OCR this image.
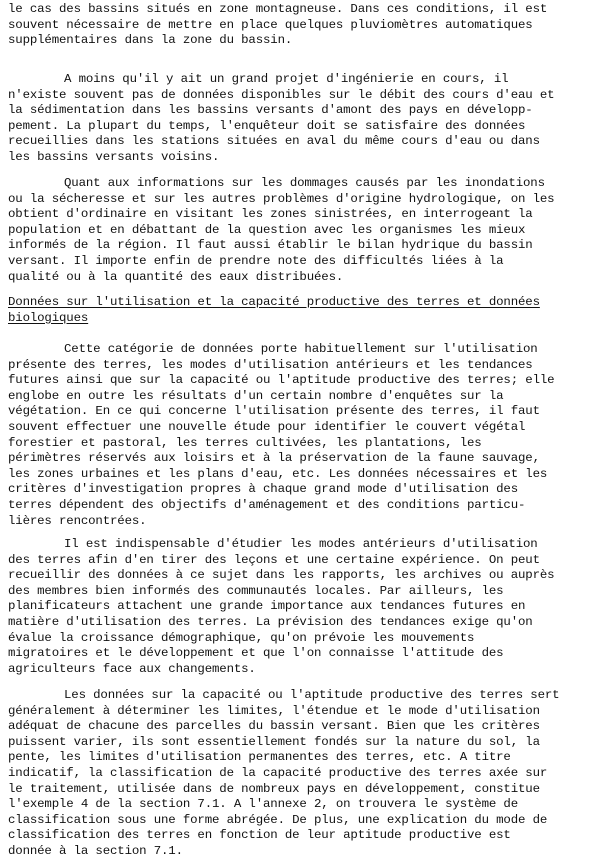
le cas des bassins situés en zone montagneuse. Dans ces conditions, il est
souvent nécessaire de mettre en place quelques pluviomètres automatiques
supplémentaires dans la zone du bassin.
A moins qu'il y ait un grand projet d'ingénierie en cours, il
n'existe souvent pas de données disponibles sur le débit des cours d'eau et
la sédimentation dans les bassins versants d'amont des pays en développ-
pement. La plupart du temps, l'enquêteur doit se satisfaire des données
recueillies dans les stations situées en aval du même cours d'eau ou dans
les bassins versants voisins.
Quant aux informations sur les dommages causés par les inondations
ou la sécheresse et sur les autres problèmes d'origine hydrologique, on les
obtient d'ordinaire en visitant les zones sinistrées, en interrogeant la
population et en débattant de la question avec les organismes les mieux
informés de la région. Il faut aussi établir le bilan hydrique du bassin
versant. Il importe enfin de prendre note des difficultés liées à la
qualité ou à la quantité des eaux distribuées.
Données sur l'utilisation et la capacité productive des terres et données
biologiques
Cette catégorie de données porte habituellement sur l'utilisation
présente des terres, les modes d'utilisation antérieurs et les tendances
futures ainsi que sur la capacité ou l'aptitude productive des terres; elle
englobe en outre les résultats d'un certain nombre d'enquêtes sur la
végétation. En ce qui concerne l'utilisation présente des terres, il faut
souvent effectuer une nouvelle étude pour identifier le couvert végétal
forestier et pastoral, les terres cultivées, les plantations, les
périmètres réservés aux loisirs et à la préservation de la faune sauvage,
les zones urbaines et les plans d'eau, etc. Les données nécessaires et les
critères d'investigation propres à chaque grand mode d'utilisation des
terres dépendent des objectifs d'aménagement et des conditions particu-
lières rencontrées.
Il est indispensable d'étudier les modes antérieurs d'utilisation
des terres afin d'en tirer des leçons et une certaine expérience. On peut
recueillir des données à ce sujet dans les rapports, les archives ou auprès
des membres bien informés des communautés locales. Par ailleurs, les
planificateurs attachent une grande importance aux tendances futures en
matière d'utilisation des terres. La prévision des tendances exige qu'on
évalue la croissance démographique, qu'on prévoie les mouvements
migratoires et le développement et que l'on connaisse l'attitude des
agriculteurs face aux changements.
Les données sur la capacité ou l'aptitude productive des terres sert
généralement à déterminer les limites, l'étendue et le mode d'utilisation
adéquat de chacune des parcelles du bassin versant. Bien que les critères
puissent varier, ils sont essentiellement fondés sur la nature du sol, la
pente, les limites d'utilisation permanentes des terres, etc. A titre
indicatif, la classification de la capacité productive des terres axée sur
le traitement, utilisée dans de nombreux pays en développement, constitue
l'exemple 4 de la section 7.1. A l'annexe 2, on trouvera le système de
classification sous une forme abrégée. De plus, une explication du mode de
classification des terres en fonction de leur aptitude productive est
donnée à la section 7.1.
